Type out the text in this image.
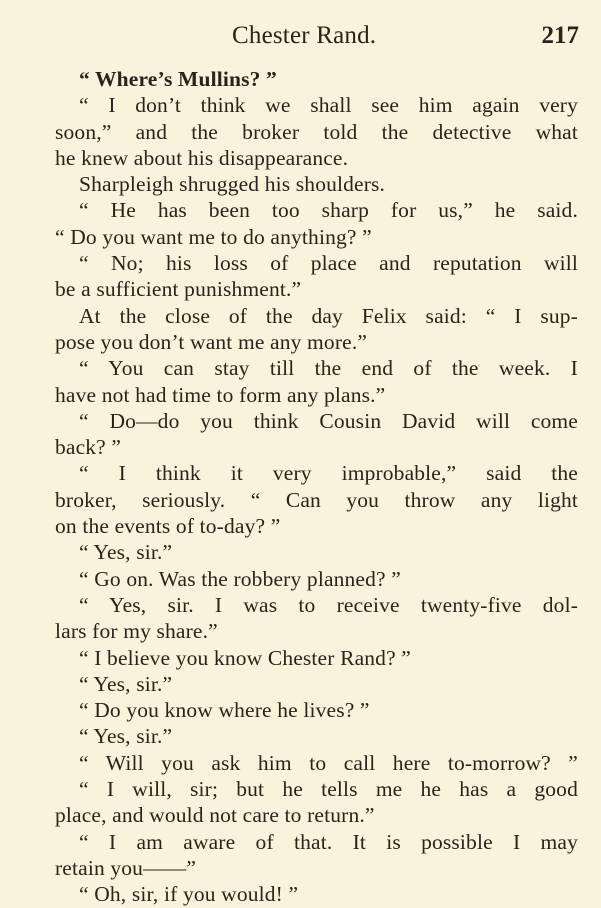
Chester Rand.	217
“ Where’s Mullins? ”
“ I don’t think we shall see him again very
soon,” and the broker told the detective what
he knew about his disappearance.
Sharpleigh shrugged his shoulders.
“ He has been too sharp for us,” he said.
“ Do you want me to do anything? ”
“ No; his loss of place and reputation will
be a sufficient punishment.”
At the close of the day Felix said: “ I sup-
pose you don’t want me any more.”
“ You can stay till the end of the week. I
have not had time to form any plans.”
“ Do—do you think Cousin David will come
back? ”
“ I think it very improbable,” said the
broker, seriously. “ Can you throw any light
on the events of to-day? ”
“ Yes, sir.”
“ Go on. Was the robbery planned? ”
“ Yes, sir. I was to receive twenty-five dol-
lars for my share.”
“ I believe you know Chester Rand? ”
“ Yes, sir.”
“ Do you know where he lives? ”
“ Yes, sir.”
“ Will you ask him to call here to-morrow? ”
“ I will, sir; but he tells me he has a good
place, and would not care to return.”
“ I am aware of that. It is possible I may
retain you——”
“ Oh, sir, if you would! ”
